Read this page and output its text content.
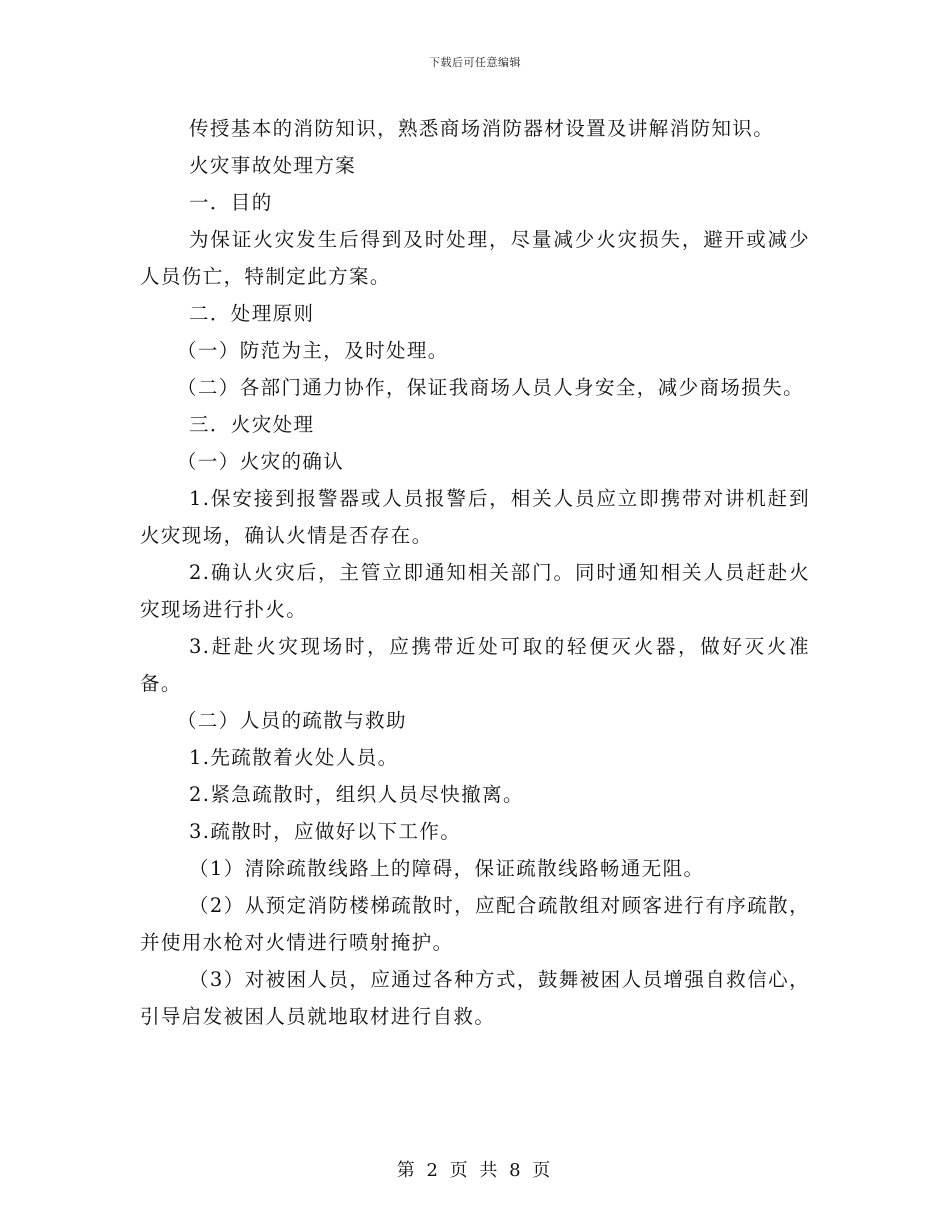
下载后可任意编辑

传授基本的消防知识，熟悉商场消防器材设置及讲解消防知识。

火灾事故处理方案

一．目的

为保证火灾发生后得到及时处理，尽量减少火灾损失，避开或减少人员伤亡，特制定此方案。

二．处理原则

（一）防范为主，及时处理。

（二）各部门通力协作，保证我商场人员人身安全，减少商场损失。

三．火灾处理

（一）火灾的确认

1.保安接到报警器或人员报警后，相关人员应立即携带对讲机赶到火灾现场，确认火情是否存在。

2.确认火灾后，主管立即通知相关部门。同时通知相关人员赶赴火灾现场进行扑火。

3.赶赴火灾现场时，应携带近处可取的轻便灭火器，做好灭火准备。

（二）人员的疏散与救助

1.先疏散着火处人员。

2.紧急疏散时，组织人员尽快撤离。

3.疏散时，应做好以下工作。

（1）清除疏散线路上的障碍，保证疏散线路畅通无阻。

（2）从预定消防楼梯疏散时，应配合疏散组对顾客进行有序疏散，并使用水枪对火情进行喷射掩护。

（3）对被困人员，应通过各种方式，鼓舞被困人员增强自救信心，引导启发被困人员就地取材进行自救。

第 2 页 共 8 页
